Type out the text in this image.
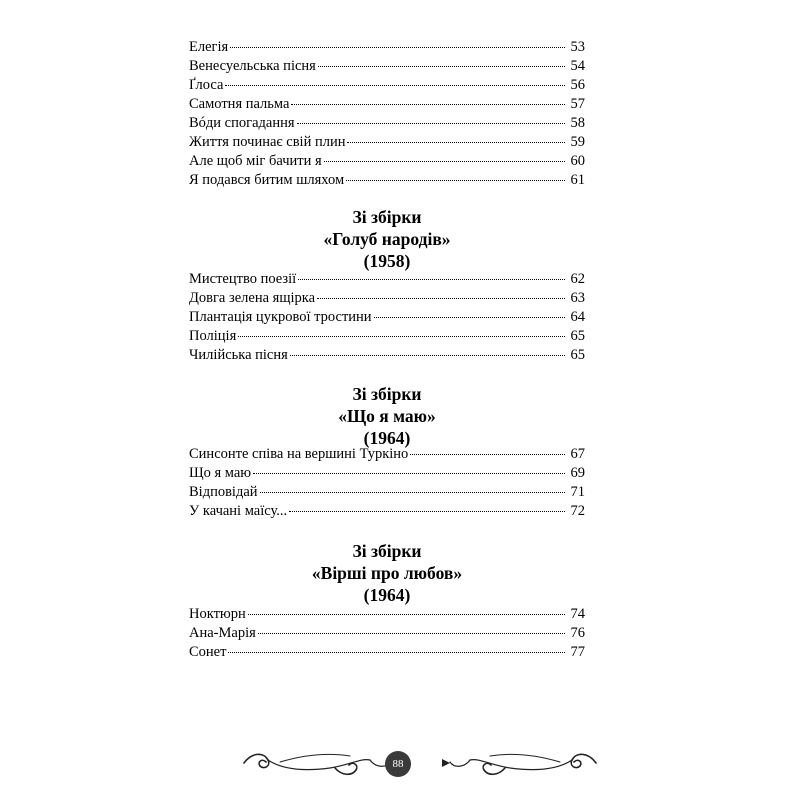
Елегія	53
Венесуельська пісня	54
Ґлоса	56
Самотня пальма	57
Вóди спогадання	58
Життя починає свій плин	59
Але щоб міг бачити я	60
Я подався битим шляхом	61
Зі збірки
«Голуб народів»
(1958)
Мистецтво поезії	62
Довга зелена ящірка	63
Плантація цукрової тростини	64
Поліція	65
Чилійська пісня	65
Зі збірки
«Що я маю»
(1964)
Синсонте співа на вершині Туркіно	67
Що я маю	69
Відповідай	71
У качані маїсу...	72
Зі збірки
«Вірші про любов»
(1964)
Ноктюрн	74
Ана-Марія	76
Сонет	77
88
